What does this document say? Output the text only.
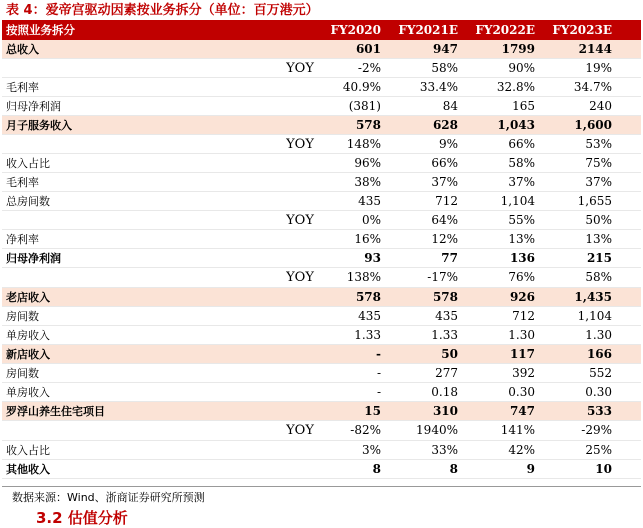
表 4：爱帝宫驱动因素按业务拆分（单位：百万港元）
按照业务拆分	FY2020 FY2021E FY2022E FY2023E
总收入	601	947	1799	2144
YOY	-2%	58%	90%	19%
毛利率	40.9%	33.4%	32.8%	34.7%
归母净利润	(381)	84	165	240
月子服务收入	578	628	1,043	1,600
YOY	148%	9%	66%	53%
收入占比	96%	66%	58%	75%
毛利率	38%	37%	37%	37%
总房间数	435	712	1,104	1,655
YOY	0%	64%	55%	50%
净利率	16%	12%	13%	13%
归母净利润	93	77	136	215
YOY	138%	-17%	76%	58%
老店收入	578	578	926	1,435
房间数	435	435	712	1,104
单房收入	1.33	1.33	1.30	1.30
新店收入	-	50	117	166
房间数	-	277	392	552
单房收入	-	0.18	0.30	0.30
罗浮山养生住宅项目	15	310	747	533
YOY	-82%	1940%	141%	-29%
收入占比	3%	33%	42%	25%
其他收入	8	8	9	10
数据来源：Wind、浙商证券研究所预测
3.2 估值分析
